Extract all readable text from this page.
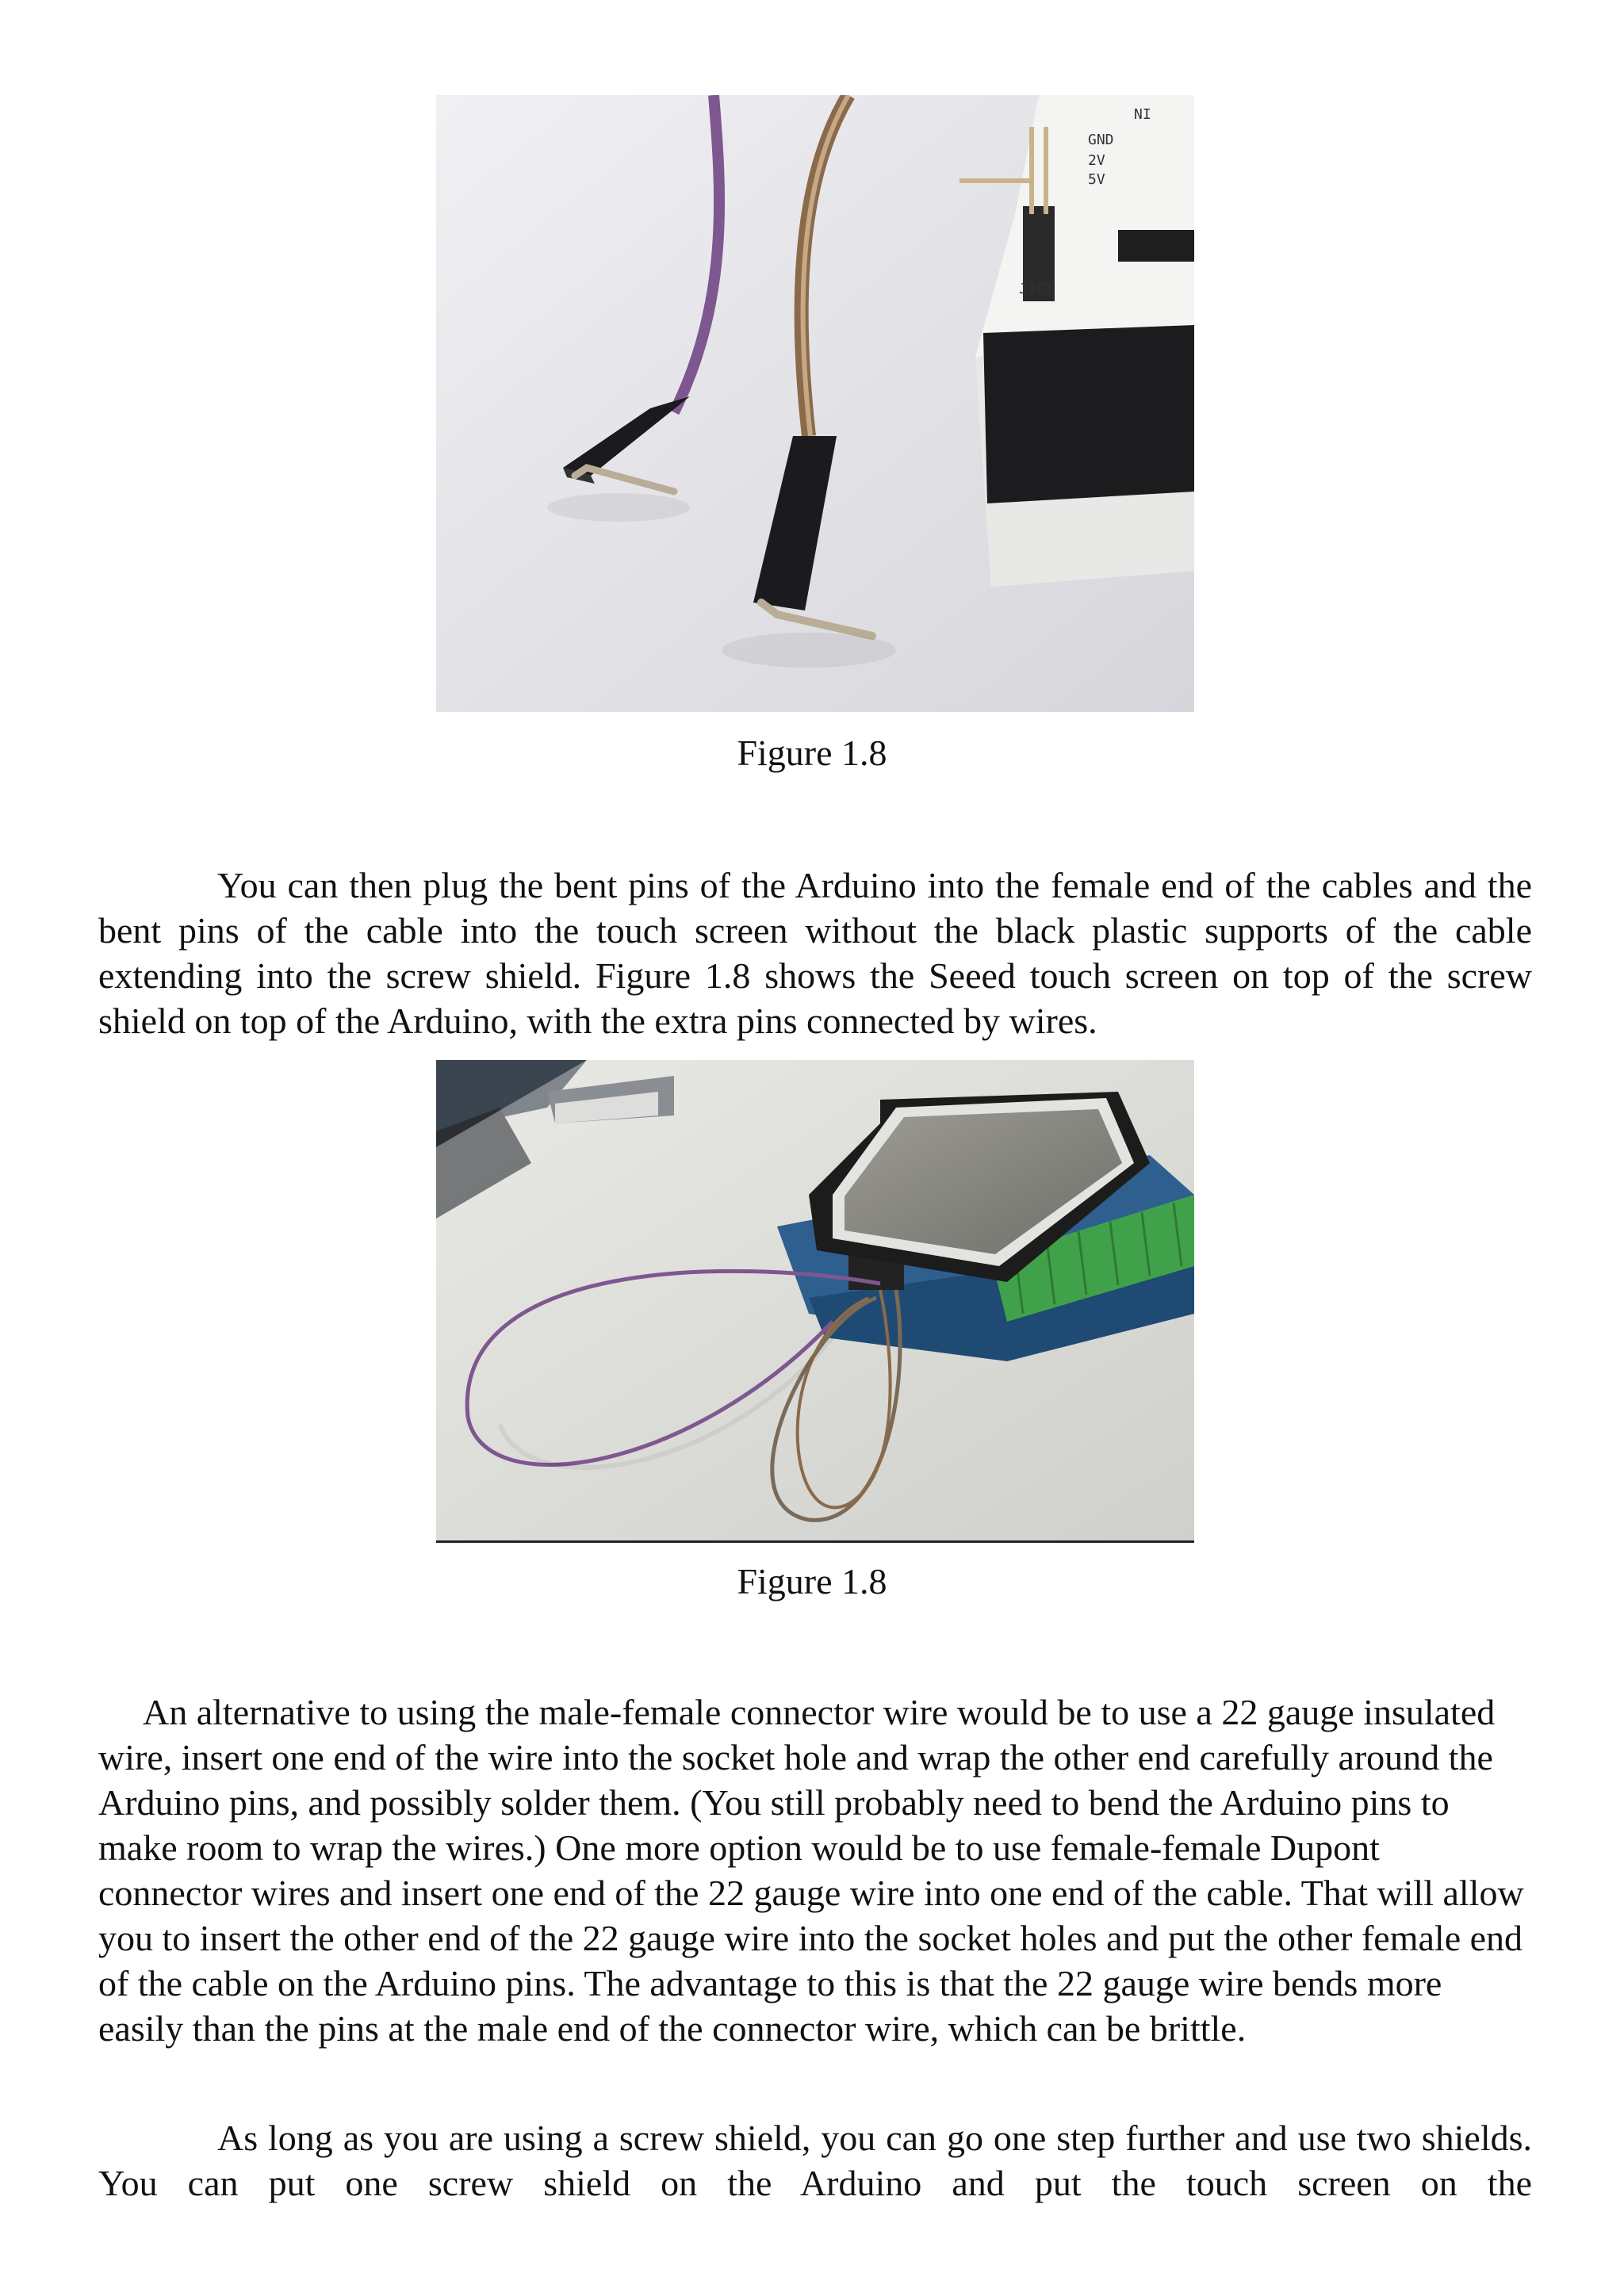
NI
GND
2V
5V
J3C1
Figure 1.8

You can then plug the bent pins of the Arduino into the female end of the cables and the bent pins of the cable into the touch screen without the black plastic supports of the cable extending into the screw shield. Figure 1.8 shows the Seeed touch screen on top of the screw shield on top of the Arduino, with the extra pins connected by wires.

Figure 1.8

An alternative to using the male-female connector wire would be to use a 22 gauge insulated wire, insert one end of the wire into the socket hole and wrap the other end carefully around the Arduino pins, and possibly solder them. (You still probably need to bend the Arduino pins to make room to wrap the wires.) One more option would be to use female-female Dupont connector wires and insert one end of the 22 gauge wire into one end of the cable. That will allow you to insert the other end of the 22 gauge wire into the socket holes and put the other female end of the cable on the Arduino pins. The advantage to this is that the 22 gauge wire bends more easily than the pins at the male end of the connector wire, which can be brittle.

As long as you are using a screw shield, you can go one step further and use two shields. You can put one screw shield on the Arduino and put the touch screen on the
